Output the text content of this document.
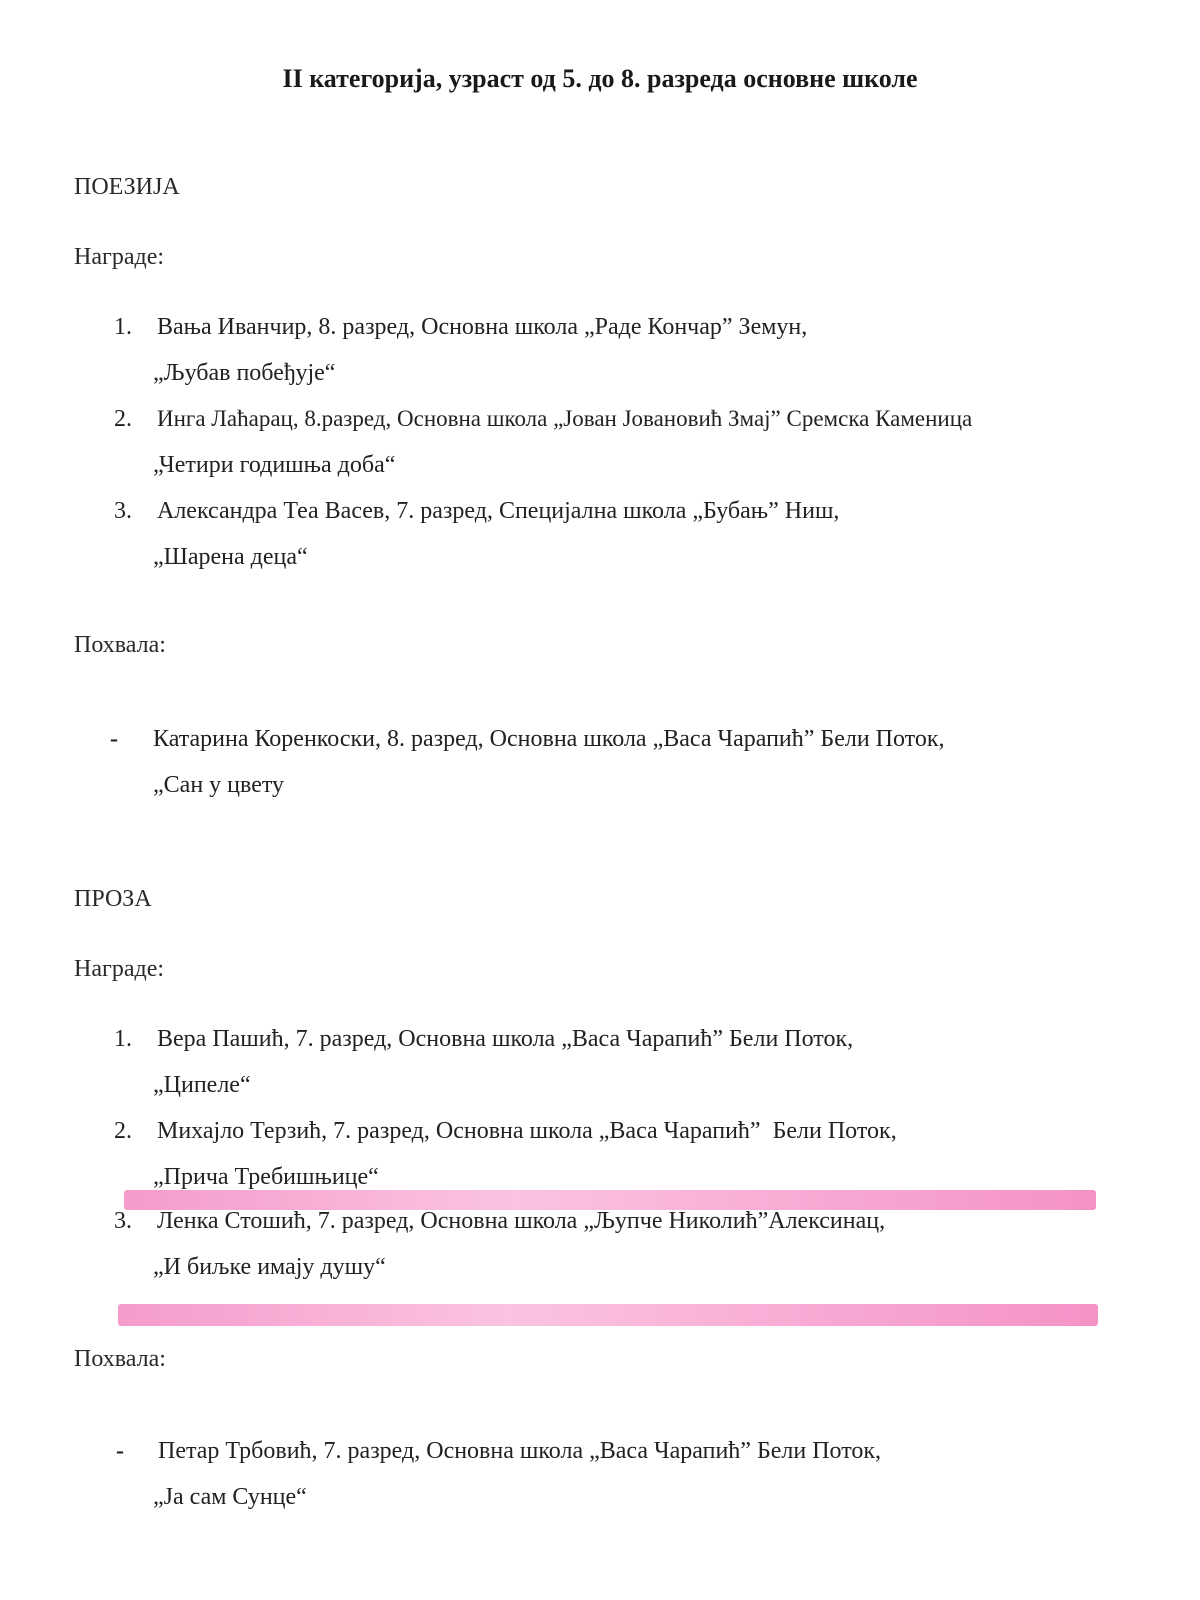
II категорија, узраст од 5. до 8. разреда основне школе
ПОЕЗИЈА
Награде:
1. Вања Иванчир, 8. разред, Основна школа „Раде Кончар” Земун,
„Љубав побеђује“
2. Инга Лаћарац, 8.разред, Основна школа „Јован Јовановић Змај” Сремска Каменица
„Четири годишња доба“
3. Александра Теа Васев, 7. разред, Специјална школа „Бубањ” Ниш,
„Шарена деца“
Похвала:
- Катарина Коренкоски, 8. разред, Основна школа „Васа Чарапић” Бели Поток,
„Сан у цвету
ПРОЗА
Награде:
1. Вера Пашић, 7. разред, Основна школа „Васа Чарапић” Бели Поток,
„Ципеле“
2. Михајло Терзић, 7. разред, Основна школа „Васа Чарапић”  Бели Поток,
„Прича Требишњице“
3. Ленка Стошић, 7. разред, Основна школа „Љупче Николић”Алексинац,
„И биљке имају душу“
Похвала:
- Петар Трбовић, 7. разред, Основна школа „Васа Чарапић” Бели Поток,
„Ја сам Сунце“
